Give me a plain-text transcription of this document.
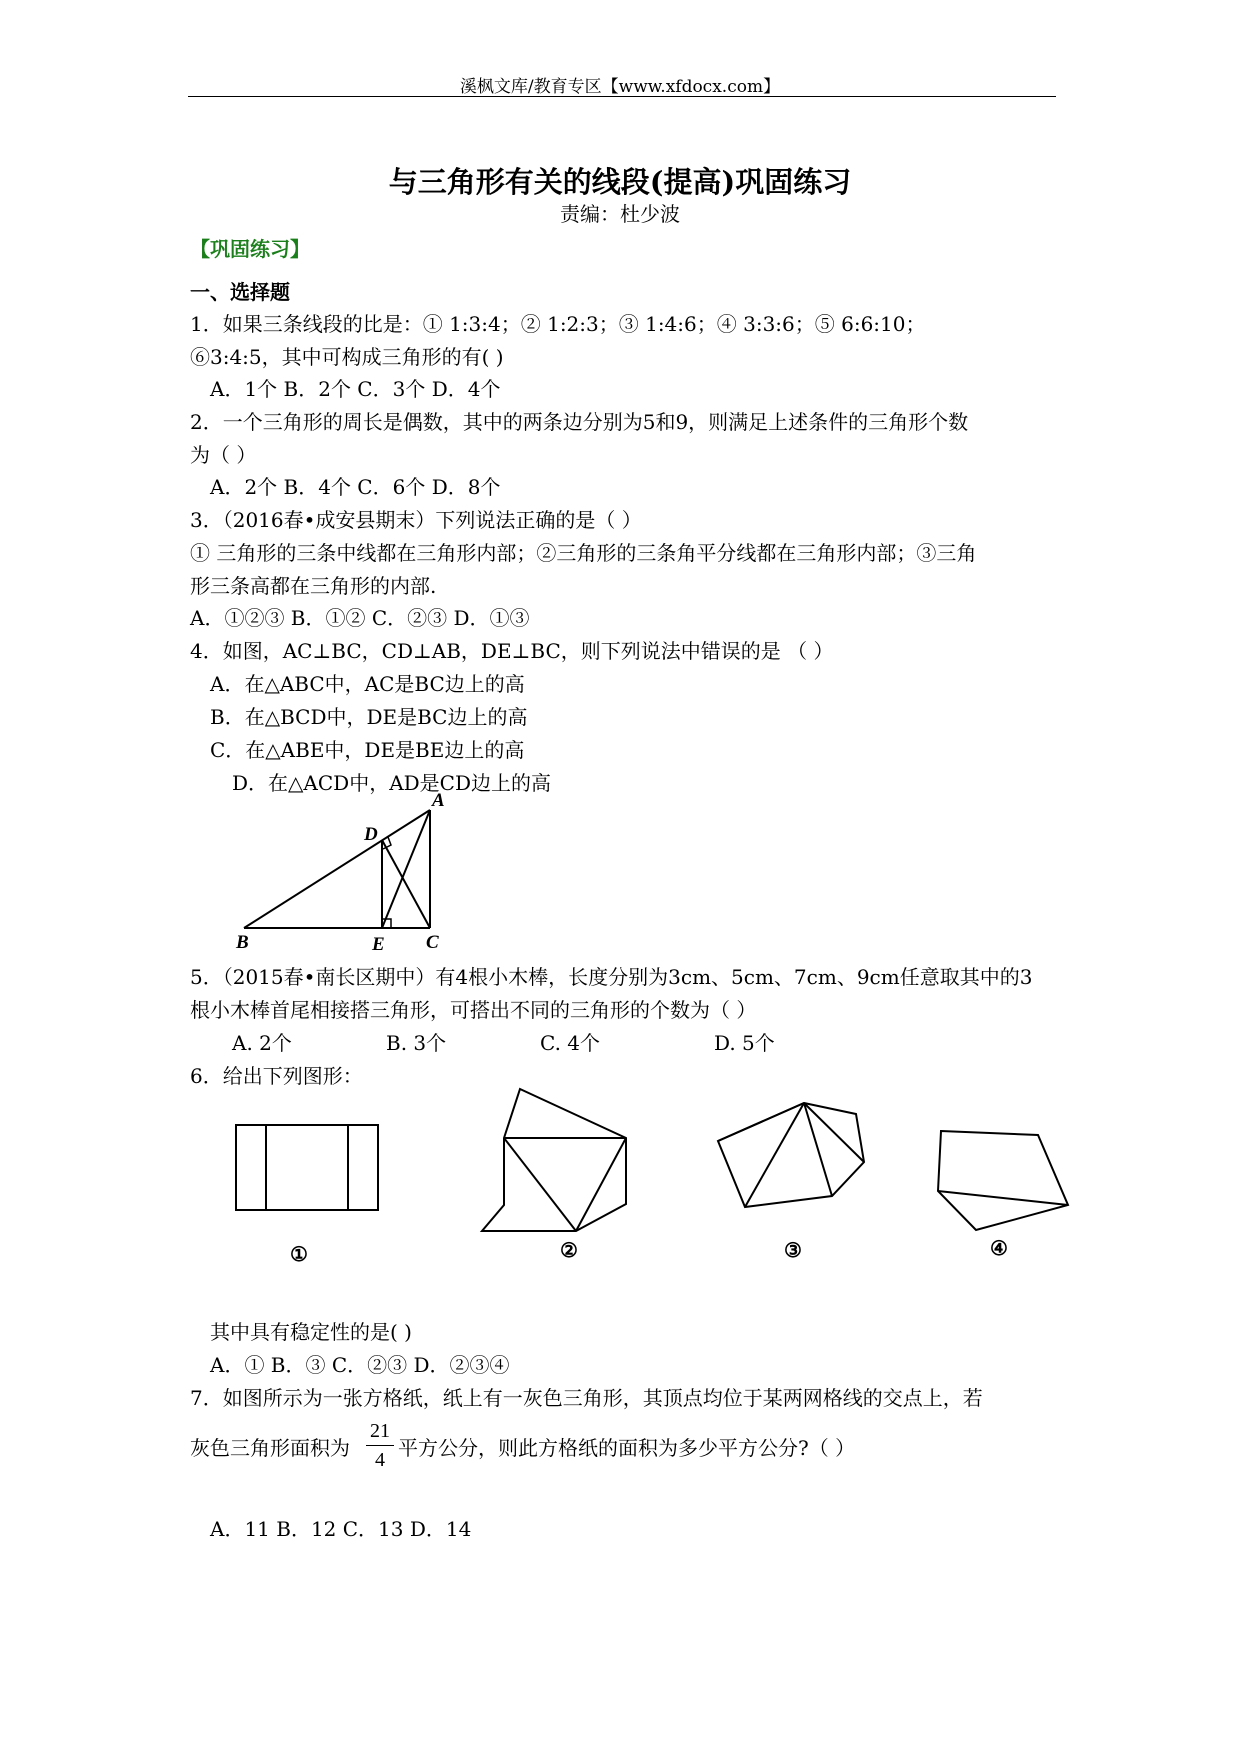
溪枫文库/教育专区【www.xfdocx.com】
与三角形有关的线段(提高)巩固练习
责编：杜少波
【巩固练习】
一、选择题
1．如果三条线段的比是：① 1:3:4；② 1:2:3；③ 1:4:6；④ 3:3:6；⑤ 6:6:10；
⑥3:4:5，其中可构成三角形的有( )
A．1个 B．2个 C．3个 D．4个
2．一个三角形的周长是偶数，其中的两条边分别为5和9，则满足上述条件的三角形个数
为（ ）
A．2个 B．4个 C．6个 D．8个
3．（2016春•成安县期末）下列说法正确的是（ ）
① 三角形的三条中线都在三角形内部；②三角形的三条角平分线都在三角形内部；③三角
形三条高都在三角形的内部.
A．①②③ B．①② C．②③ D．①③
4．如图，AC⊥BC，CD⊥AB，DE⊥BC，则下列说法中错误的是 （ ）
A．在△ABC中，AC是BC边上的高
B．在△BCD中，DE是BC边上的高
C．在△ABE中，DE是BE边上的高
D．在△ACD中，AD是CD边上的高
A
B	C
D
E
5．（2015春•南长区期中）有4根小木棒，长度分别为3cm、5cm、7cm、9cm任意取其中的3
根小木棒首尾相接搭三角形，可搭出不同的三角形的个数为（ ）
A. 2个	B. 3个	C. 4个	D. 5个
6．给出下列图形：
①	②	③	④
其中具有稳定性的是( )
A．① B．③ C．②③ D．②③④
7．如图所示为一张方格纸，纸上有一灰色三角形，其顶点均位于某两网格线的交点上，若
灰色三角形面积为
21
4 平方公分，则此方格纸的面积为多少平方公分?（ ）
A．11 B．12 C．13 D．14
